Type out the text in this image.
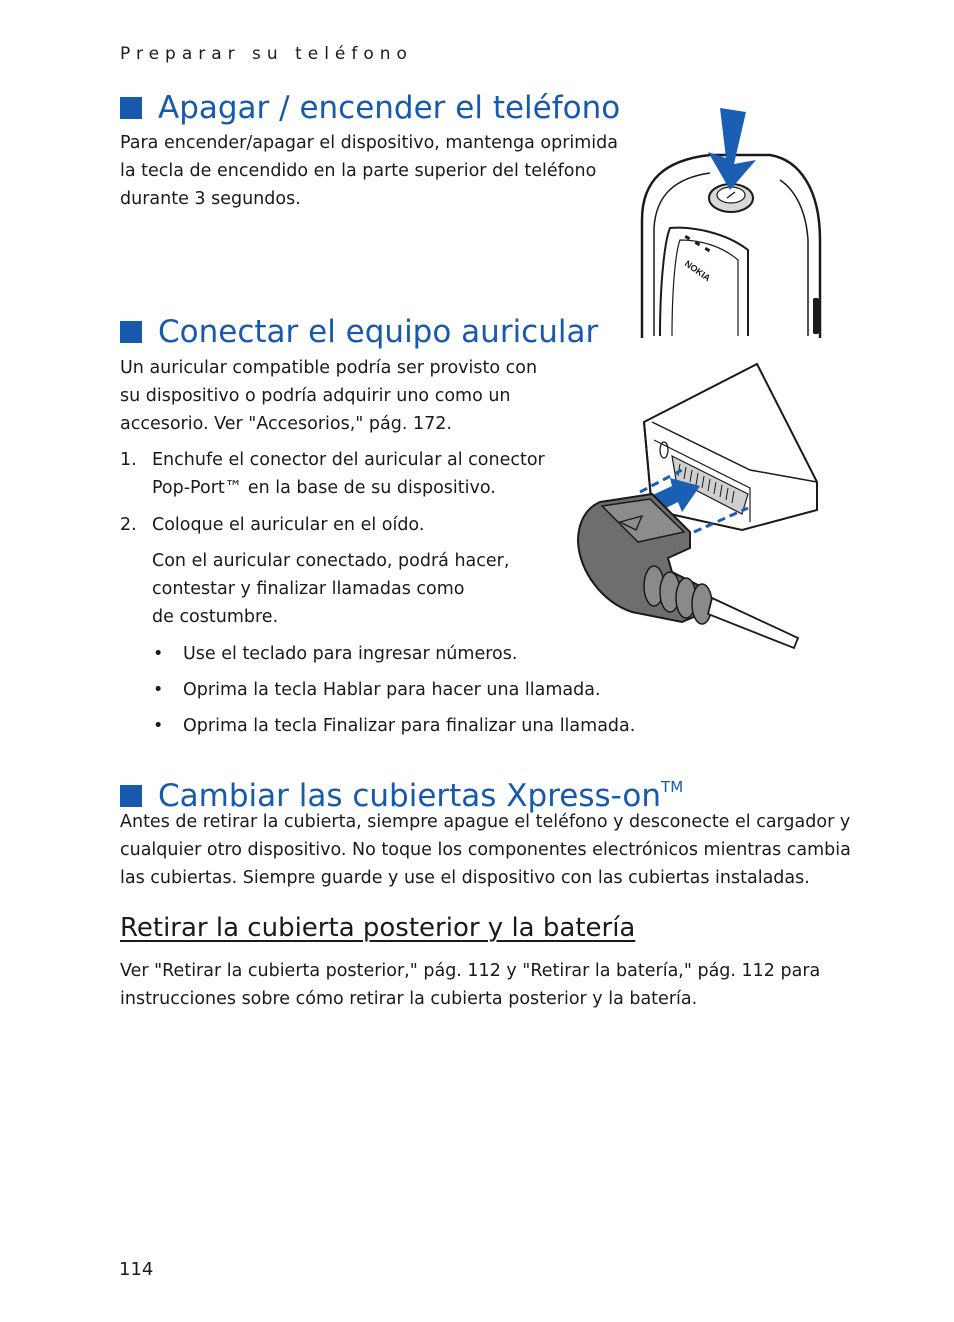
Preparar su teléfono
Apagar / encender el teléfono
Para encender/apagar el dispositivo, mantenga oprimida
la tecla de encendido en la parte superior del teléfono
durante 3 segundos.
NOKIA
Conectar el equipo auricular
Un auricular compatible podría ser provisto con
su dispositivo o podría adquirir uno como un
accesorio. Ver "Accesorios," pág. 172.
1. Enchufe el conector del auricular al conector
Pop-Port™ en la base de su dispositivo.
2. Coloque el auricular en el oído.
Con el auricular conectado, podrá hacer,
contestar y finalizar llamadas como
de costumbre.
• Use el teclado para ingresar números.
• Oprima la tecla Hablar para hacer una llamada.
• Oprima la tecla Finalizar para finalizar una llamada.
Cambiar las cubiertas Xpress-on™
Antes de retirar la cubierta, siempre apague el teléfono y desconecte el cargador y
cualquier otro dispositivo. No toque los componentes electrónicos mientras cambia
las cubiertas. Siempre guarde y use el dispositivo con las cubiertas instaladas.
Retirar la cubierta posterior y la batería
Ver "Retirar la cubierta posterior," pág. 112 y "Retirar la batería," pág. 112 para
instrucciones sobre cómo retirar la cubierta posterior y la batería.
114
